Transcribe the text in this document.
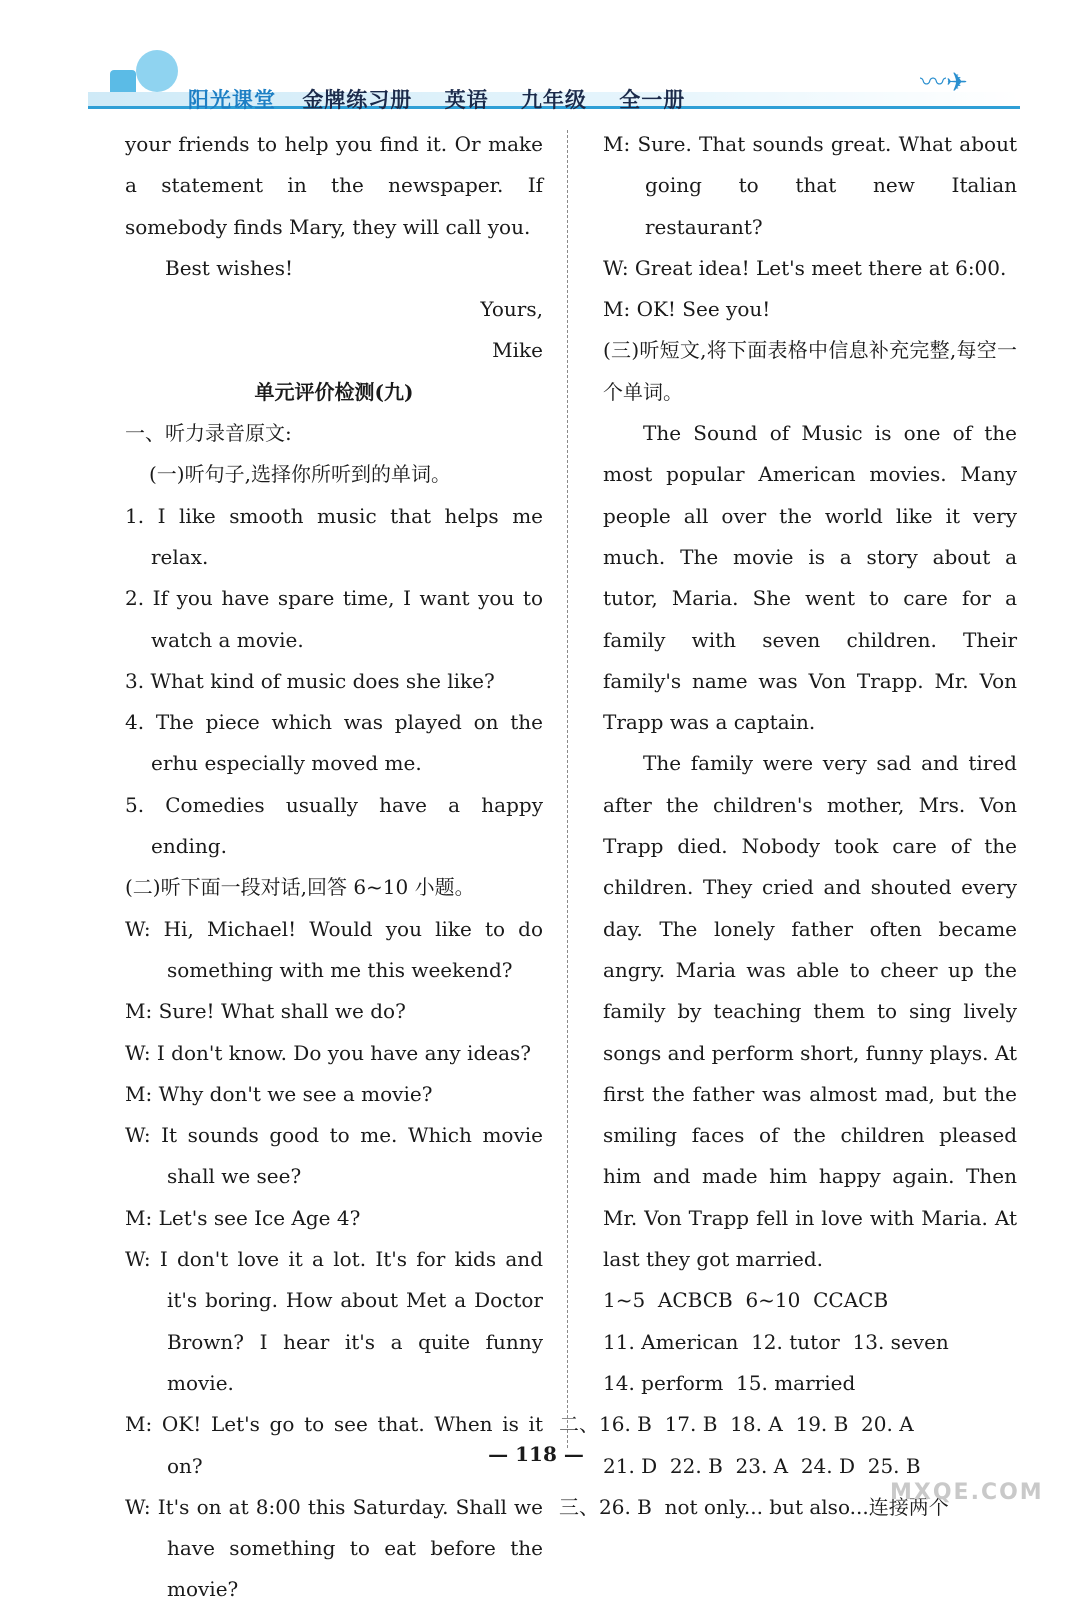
阳光课堂 金牌练习册 英语 九年级 全一册
〰︎✈︎

your friends to help you find it. Or make a statement in the newspaper. If somebody finds Mary, they will call you.

Best wishes!

Yours,

Mike

单元评价检测(九)

一、听力录音原文:

(一)听句子,选择你所听到的单词。

1. I like smooth music that helps me relax.

2. If you have spare time, I want you to watch a movie.

3. What kind of music does she like?

4. The piece which was played on the erhu especially moved me.

5. Comedies usually have a happy ending.

(二)听下面一段对话,回答 6~10 小题。

W: Hi, Michael! Would you like to do something with me this weekend?

M: Sure! What shall we do?

W: I don't know. Do you have any ideas?

M: Why don't we see a movie?

W: It sounds good to me. Which movie shall we see?

M: Let's see Ice Age 4?

W: I don't love it a lot. It's for kids and it's boring. How about Met a Doctor Brown? I hear it's a quite funny movie.

M: OK! Let's go to see that. When is it on?

W: It's on at 8:00 this Saturday. Shall we have something to eat before the movie?

M: Sure. That sounds great. What about going to that new Italian restaurant?

W: Great idea! Let's meet there at 6:00.

M: OK! See you!

(三)听短文,将下面表格中信息补充完整,每空一个单词。

The Sound of Music is one of the most popular American movies. Many people all over the world like it very much. The movie is a story about a tutor, Maria. She went to care for a family with seven children. Their family's name was Von Trapp. Mr. Von Trapp was a captain.

The family were very sad and tired after the children's mother, Mrs. Von Trapp died. Nobody took care of the children. They cried and shouted every day. The lonely father often became angry. Maria was able to cheer up the family by teaching them to sing lively songs and perform short, funny plays. At first the father was almost mad, but the smiling faces of the children pleased him and made him happy again. Then Mr. Von Trapp fell in love with Maria. At last they got married.

1~5  ACBCB  6~10  CCACB

11. American  12. tutor  13. seven

14. perform  15. married

二、16. B  17. B  18. A  19. B  20. A

21. D  22. B  23. A  24. D  25. B

三、26. B  not only... but also...连接两个

— 118 —
MXQE.COM
